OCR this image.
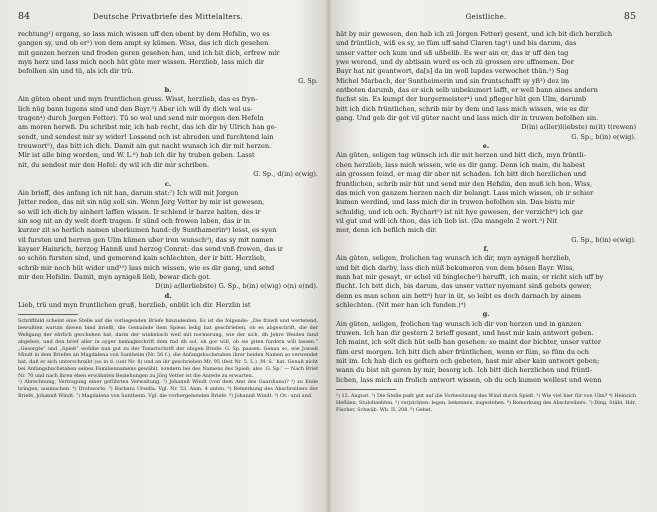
84	Deutsche Privatbriefe des Mittelalters.

rechtung¹) ergang, so lass mich wissen uff den obent by dem Hefslin, wo es

gangen sy, und ob er²) von dem ampt sy kümen. Wiss, das ich dich gesehen

mit ganzen herzen und froden geren gesehen han, und ich bit dich, erfrew mir

myn herz und lass mich noch hüt güte mer wissen. Herzlieb, lass mich dir

befolhen sin und tü, als ich dir trü.

G. Sp.

b.

Ain güten obent und myn fruntlichen gruss. Wisst, herzlieb, das es fryn-

lich nüg bann lugens sind und den Bayr.³) Aber ich will dy dich wol us-

tragen⁴) durch Jorgen Fetter). Tü so wol und send mir morgen den Hefeln

am moren herwß. Du schribst mir, ich hab recht, das ich dir by Ulrich han ge-

sendt, und sendest mir sy wider! Lossend och ist abreden und furchtend lain

treuwort⁵), das bitt ich dich. Damit ain gut nacht wunsch ich dir mit herzen.

Mir ist alle bing worden, und W. L.⁶) hab ich dir hy truben geben. Lasst

nit, du sendest mir den Hefel: dy wil ich dir mir schriben.

G. Sp., d(in) e(wig).

c.

Ain brieff, des anfang ich nit han, daruin stat:⁷) Ich will mit Jorgen

Jetter reden, das nit sin nüg soll sin. Wenn Jerg Vetter by mir ist gewesen,

so will ich dich by ainhert laffen wissen. Ir schlend ir barze halten, des ir

sin sog nit an dy welt dorft tragen. Ir sünd och frowen laben, das ir in

kurzer zit so herlich namen uberkumen hand: dy Sunthamerin⁸) lesst, es syen

vil fursten und herren gen Ulm kümen uber iren wunsch⁹), das sy mit namen

kayser Hainrich, herzog Hannß und herzog Conrat: das send vnß frowen, das ir

so schön fursten sind, und gemerend kain schlechten, der ir bitt. Herzlieb,

schrib mir noch hüt wider und¹⁰) lass mich wissen, wie es dir gang, und send

mir den Hefslin. Damit, myn aynigeß lieb, bewar dich got.

D(in) a(llerliebste) G. Sp., b(in) e(wig) o(n) e(nd).

d.

Lieb, trü und myn fruntlichen gruß, herzlieb, enbüt ich dir. Herzlin ist

Schriftbild scheint eine Stelle auf die vorliegenden Briefe hinzudeuten. Es ist die folgende: „Die frawß und wertetend, bewußten warum diesen bind briefß, die Gemainde dem Spiess ledig hat geschrieben, ob es abgeschrift, die der Wellgang der ehrlich geschehen hat, darin der winkelisch weil mit normerung, wie der sich, dh Jehre Weiden fand abgeben, und den brief aller in ayger bemagkschrift dem rad dh sol, oh gor will, ob sie giten fordern will lassen.“ „Gesorgte“ und „Spieß“ wohlbe nun gut zu der Tonartschrift der obigen Briefe: G. Sp. passen. Genau so, wie Josseß Mindt in dem Briefen an Magdalena von Suntheim (Nr. 56 f.), die Anfangsbuchstaben ihrer beiden Namen so verwendet hat, daß er sich unterschreibt (so in d. (unt Nr. 8) und an ihr geschrieben Mr. 95 (fest Nr. 5. L.) ‚M. S.‘ hat. Genaß nicht bei Anfangsbuchstaben seines Familiennamens gewählt, sondern bei des Namens des Spieß; also ‚G. Sp.‘ — Nach Brief Nr. 70 und nach ihren eben erwähnten Beziehungen zu Jörg Vetter ist die Anrede zu erwarten.

¹) Abrechnung, Vertragung einer geführten Verwaltung. ²) Johannß Windt (von dem Amt des Guardians)? ³) zu Ende bringen, ausmachen. ⁴) Drohworte. ⁵) Barbara Ursella. Vgl. Nr. 53, Anm. 4 unten. ⁶) Bemerkung des Abschreibers der Briefe, Johannß Windt. ⁷) Magdalena von Suntheim. Vgl. die vorhergehenden Briefe. ⁸) Johannß Windt. ⁹) Or.: und und.

Geistliche.	85

hät by mir gewesen, den hab ich zü Jorgen Fetter) gesent, und ich bit dich herzlich

und früntlich, wiß es sy, so füm uff sand Claren tag¹) und bis darum, das

unser vatter och kum und uß ußbelib. Es wer ain er, das ir uff den tag

ywe werend, und dy abtissin wurd es och zü grossen ere uffnemen. Der

Bayr hat nit geantwort, da[s] da im woll lupdes verwochet thün.²) Sag

Michel Marbach, der Suntheimerin und sin fruntschafft sy yß³) dez im

entboten darumb, das er sich selb unbekumert lafft, er well bann aines andern

fuchst sin. Es kumpt der burgermeister⁴) und pfleger hüt gen Ulm, darumb

bitt ich dich früntlichen, schrib mir by dem und lass mich wissen, wie es dir

gang. Und geb dir got vil güter nacht und lass mich dir in truwen befolhen sin.

D(in) a(ller)l(iebste) m(it) t(rewen)

G. Sp., b(in) e(wig).

e.

Ain güten, seligen tag wünsch ich dir mit herzen und bitt dich, myn früntli-

chen herzlieb, lass mich wissen, wie es dir gang. Denn ich main, du habest

ain grossen feind, er mag dir aber nit schaden. Ich bitt dich herzlichen und

fruntlichen, schrib mir hüt und send mir den Hefslin, den muß ich hon. Wiss,

das mich von ganzem herzen nach dir belangt. Lass mich wissen, ob ir schier

kumen werdind, und lass mich dir in truwen befolhen sin. Das bistu mir

schuldig, und ich och. Rychart⁵) ist nit hye gewesen, der verzicht⁶) ich gar

vil gut und will ich thon, das ich lieb ist. (Da mangeln 2 wort.⁵) Nit

mer, denn ich befilch mich dir.

G. Sp., b(in) e(wig).

f.

Ain güten, seligen, frolichen tag wunsch ich dir, myn aynigeß herzlieb,

und bit dich darby, lass dich nüß bekumeren von dem bösen Bayr. Wiss,

man hat mir gesayt, er schel vil bingleche³) herufft, ich main, er richt sich uff by

flucht. Ich bitt dich, bis darum, das unser vatter nyemant sinß gebets gewer;

denn es man schon ain bett⁸) hur in üt, so leibt es doch darnach by ainem

schlechten. (Nit mer han ich funden.)⁹)

g.

Ain güten, seligen, frolichen tag wunsch ich dir von herzen und in ganzen

truwen. Ich han dir gestern 2 brieff gesant, und hast mir kain antwort geben.

Ich maint, ich solt dich hüt selb han gesehen: so maint der bichter, unser vatter

füm erst morgen. Ich bitt dich aber früntlichen, wenn er füm, so füm du och

mit im. Ich hab dich es geftern och gebeten, hast mir aber kain antwort geben;

wann du bist nit geren by mir, besorg ich. Ich bitt dich herzlichen und früntl-

lichen, lass mich ain frolich antwort wissen, ob du och kumen wellest und wenn

¹) 12. August. ²) Die Stelle paßt gut auf die Vorbesitzung des Wind durch Spieß. ³) Wie viel hier für von Ulm? ⁴) Heinrich Hefhlen, Stubdiaebten. ⁵) verjzichten: legen, bekennen, zugestehen. ⁶) Bemerkung des Abschreibers. ⁷) Ding. Stäbl, Hdr. Fischer, Schwäb. Wb. II, 208. ⁸) Gebet.
